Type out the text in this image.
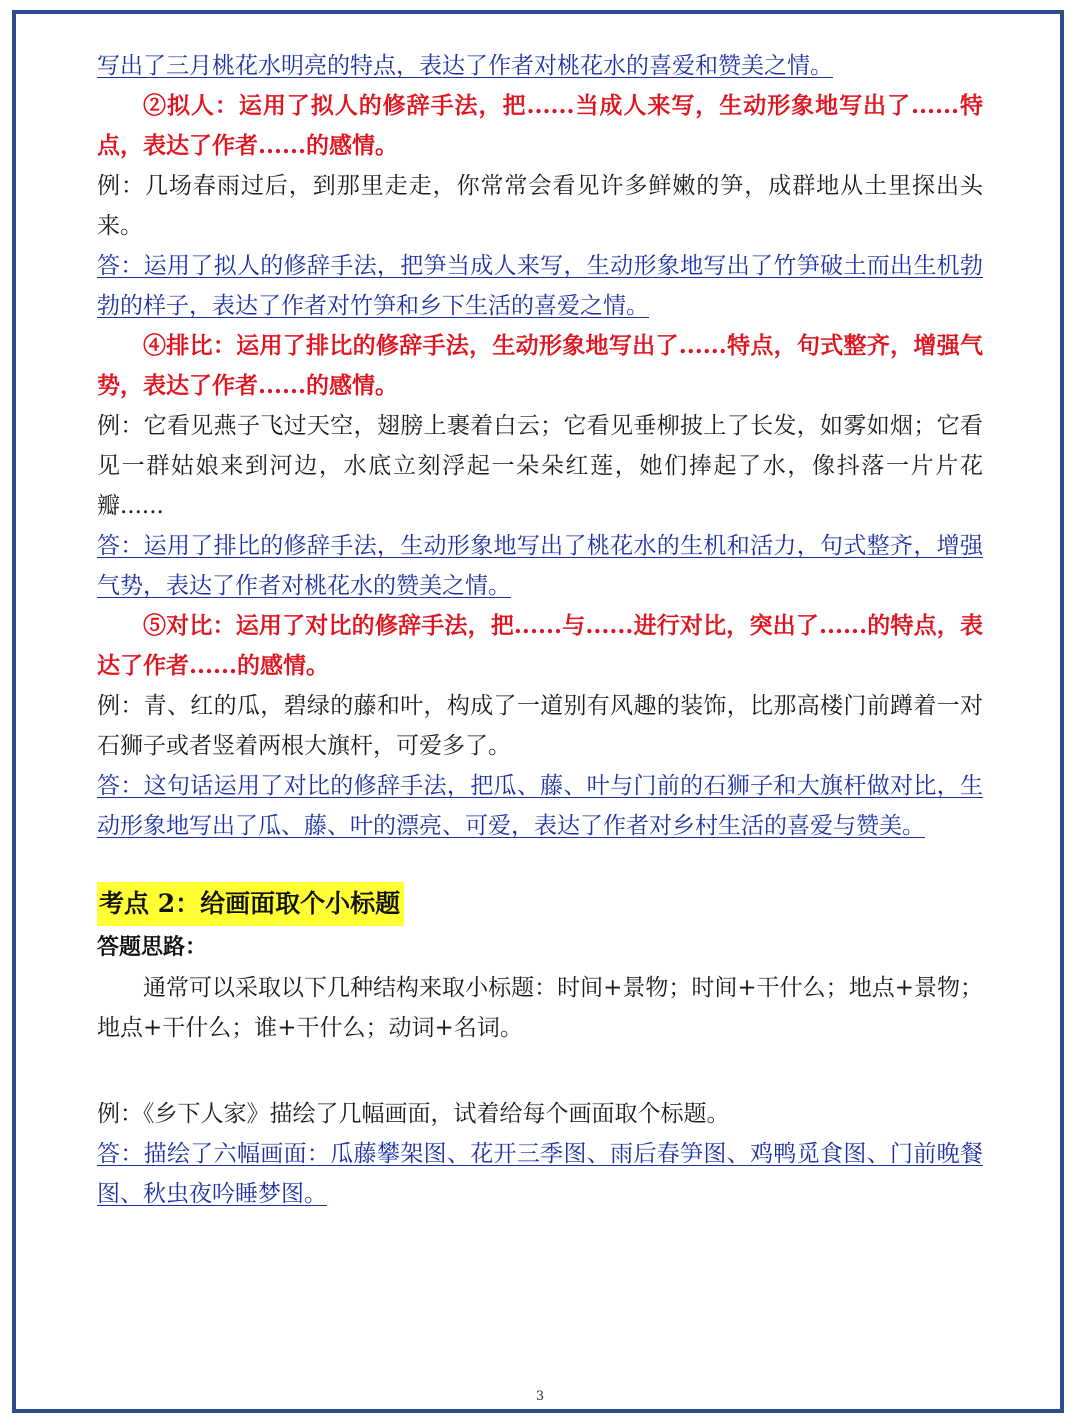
写出了三月桃花水明亮的特点，表达了作者对桃花水的喜爱和赞美之情。

②拟人：运用了拟人的修辞手法，把......当成人来写，生动形象地写出了......特点，表达了作者......的感情。

例：几场春雨过后，到那里走走，你常常会看见许多鲜嫩的笋，成群地从土里探出头来。

答：运用了拟人的修辞手法，把笋当成人来写，生动形象地写出了竹笋破土而出生机勃勃的样子，表达了作者对竹笋和乡下生活的喜爱之情。

④排比：运用了排比的修辞手法，生动形象地写出了......特点，句式整齐，增强气势，表达了作者......的感情。

例：它看见燕子飞过天空，翅膀上裹着白云；它看见垂柳披上了长发，如雾如烟；它看见一群姑娘来到河边，水底立刻浮起一朵朵红莲，她们捧起了水，像抖落一片片花瓣......

答：运用了排比的修辞手法，生动形象地写出了桃花水的生机和活力，句式整齐，增强气势，表达了作者对桃花水的赞美之情。

⑤对比：运用了对比的修辞手法，把......与......进行对比，突出了......的特点，表达了作者......的感情。

例：青、红的瓜，碧绿的藤和叶，构成了一道别有风趣的装饰，比那高楼门前蹲着一对石狮子或者竖着两根大旗杆，可爱多了。

答：这句话运用了对比的修辞手法，把瓜、藤、叶与门前的石狮子和大旗杆做对比，生动形象地写出了瓜、藤、叶的漂亮、可爱，表达了作者对乡村生活的喜爱与赞美。

考点 2：给画面取个小标题

答题思路：

通常可以采取以下几种结构来取小标题：时间+景物；时间+干什么；地点+景物；地点+干什么；谁+干什么；动词+名词。

例：《乡下人家》描绘了几幅画面，试着给每个画面取个标题。

答：描绘了六幅画面：瓜藤攀架图、花开三季图、雨后春笋图、鸡鸭觅食图、门前晚餐图、秋虫夜吟睡梦图。

3
